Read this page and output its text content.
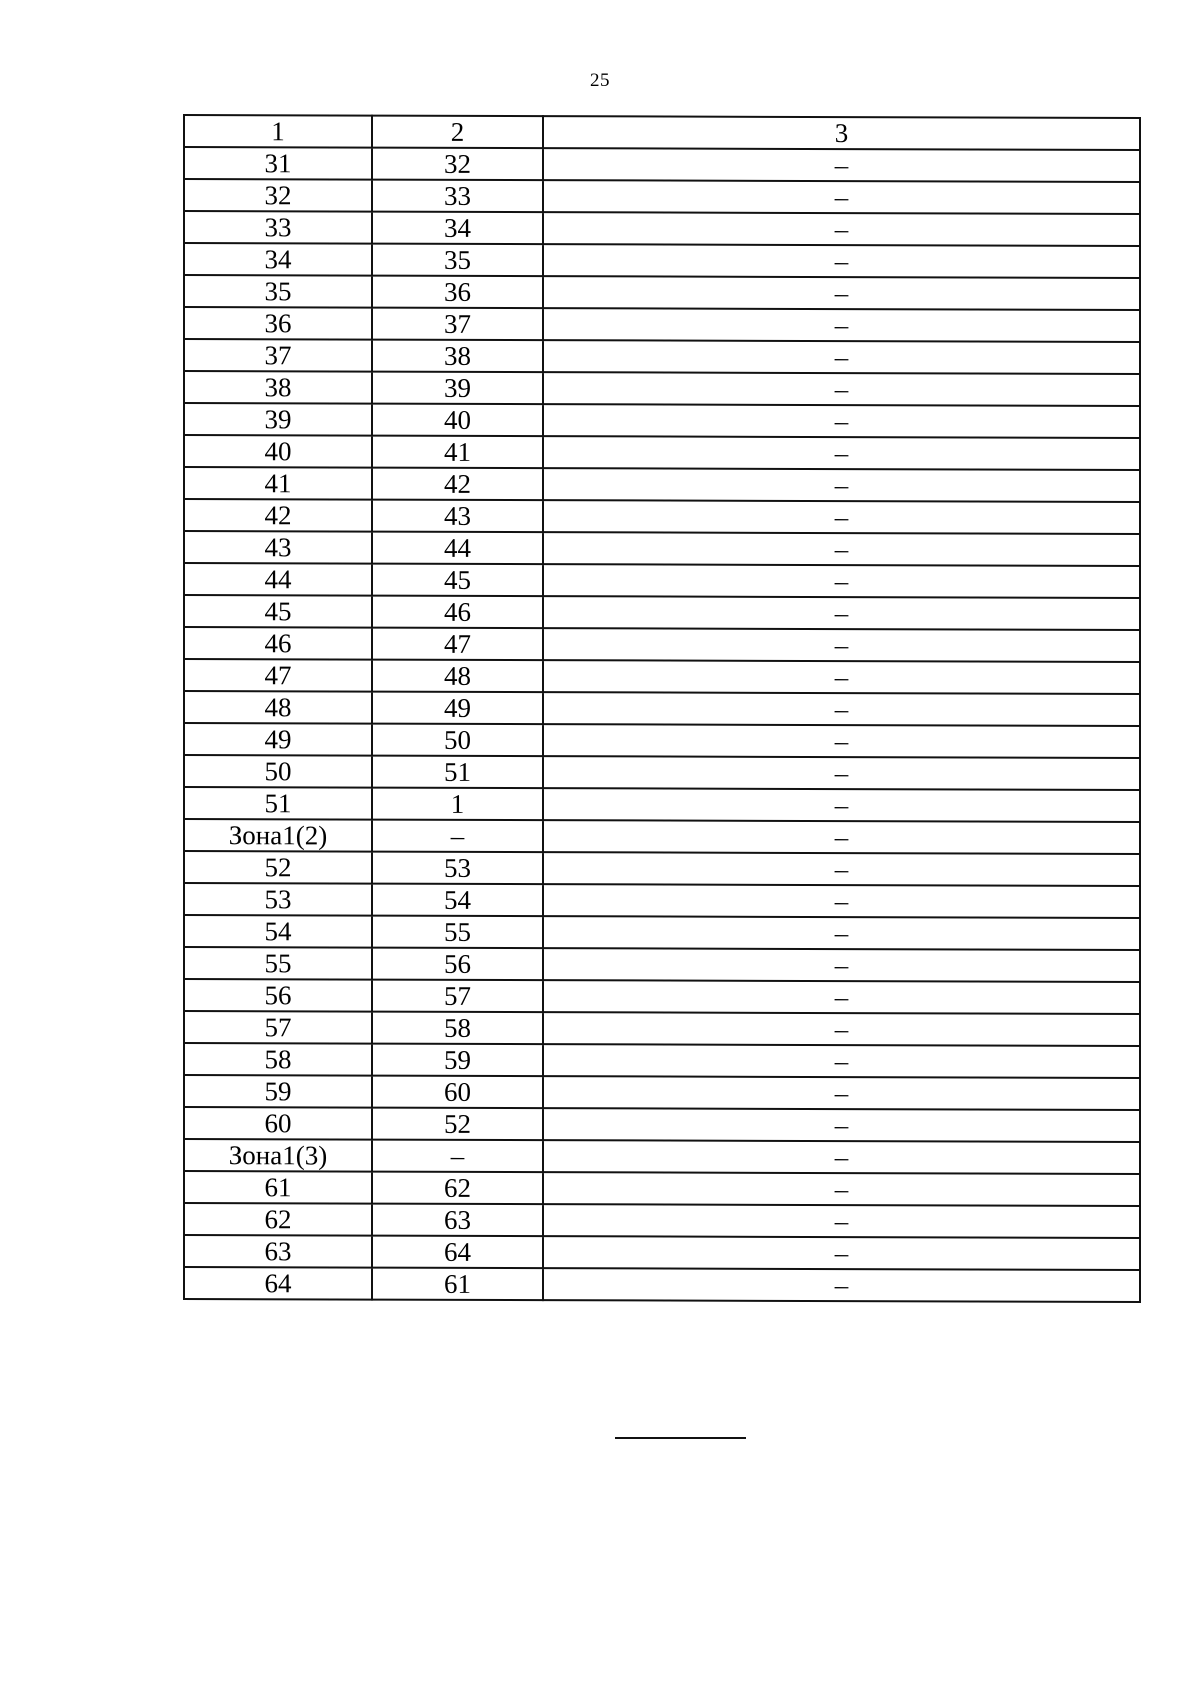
25
1	2	3
31	32	–
32	33	–
33	34	–
34	35	–
35	36	–
36	37	–
37	38	–
38	39	–
39	40	–
40	41	–
41	42	–
42	43	–
43	44	–
44	45	–
45	46	–
46	47	–
47	48	–
48	49	–
49	50	–
50	51	–
51	1	–
Зона1(2)	–	–
52	53	–
53	54	–
54	55	–
55	56	–
56	57	–
57	58	–
58	59	–
59	60	–
60	52	–
Зона1(3)	–	–
61	62	–
62	63	–
63	64	–
64	61	–
